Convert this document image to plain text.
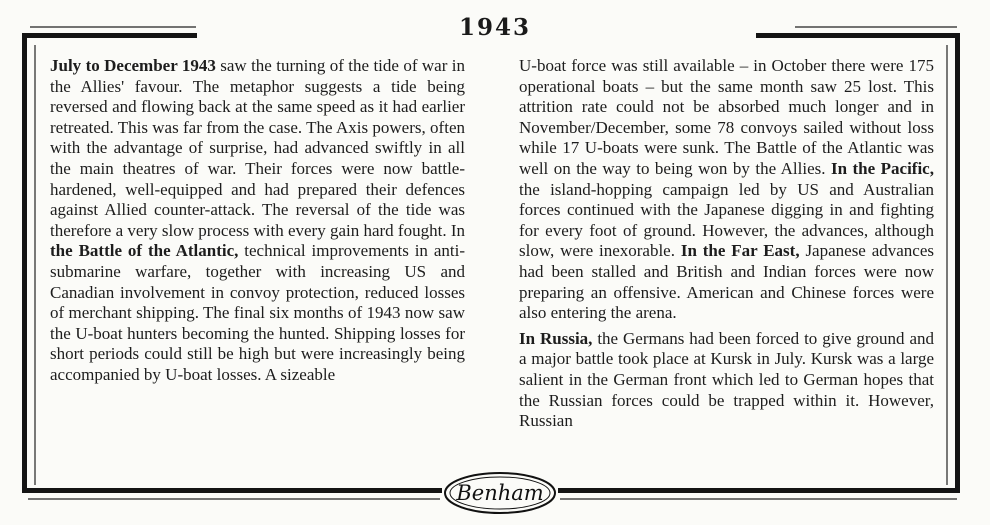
1943

July to December 1943 saw the turning of the tide of war in the Allies' favour. The metaphor suggests a tide being reversed and flowing back at the same speed as it had earlier retreated. This was far from the case. The Axis powers, often with the advantage of surprise, had advanced swiftly in all the main theatres of war. Their forces were now battle-hardened, well-equipped and had prepared their defences against Allied counter-attack. The reversal of the tide was therefore a very slow process with every gain hard fought. In the Battle of the Atlantic, technical improvements in anti-submarine warfare, together with increasing US and Canadian involvement in convoy protection, reduced losses of merchant shipping. The final six months of 1943 now saw the U-boat hunters becoming the hunted. Shipping losses for short periods could still be high but were increasingly being accompanied by U-boat losses. A sizeable

U-boat force was still available – in October there were 175 operational boats – but the same month saw 25 lost. This attrition rate could not be absorbed much longer and in November/December, some 78 convoys sailed without loss while 17 U-boats were sunk. The Battle of the Atlantic was well on the way to being won by the Allies. In the Pacific, the island-hopping campaign led by US and Australian forces continued with the Japanese digging in and fighting for every foot of ground. However, the advances, although slow, were inexorable. In the Far East, Japanese advances had been stalled and British and Indian forces were now preparing an offensive. American and Chinese forces were also entering the arena.

In Russia, the Germans had been forced to give ground and a major battle took place at Kursk in July. Kursk was a large salient in the German front which led to German hopes that the Russian forces could be trapped within it. However, Russian

Benham
